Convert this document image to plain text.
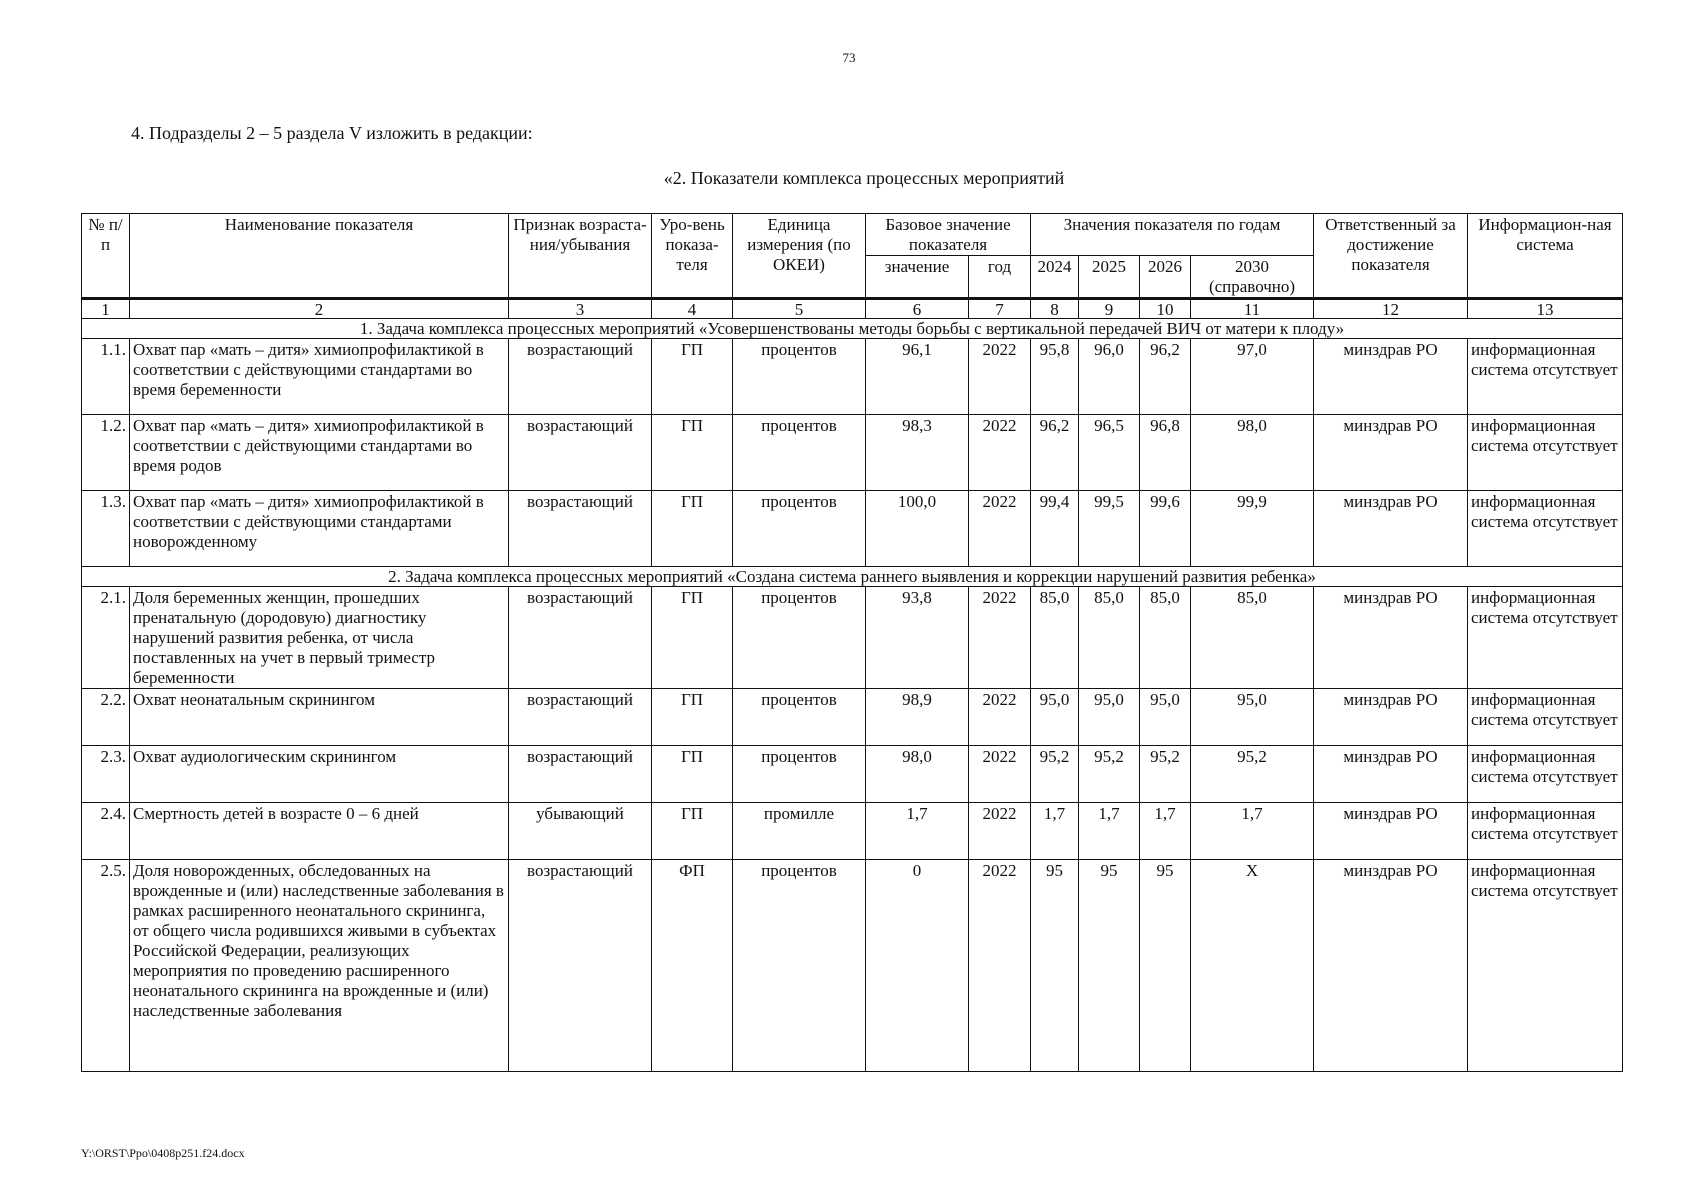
73
4. Подразделы 2 – 5 раздела V изложить в редакции:
«2. Показатели комплекса процессных мероприятий
№ п/п	Наименование показателя	Признак возраста-ния/убывания	Уро-вень показа-теля	Единица измерения (по ОКЕИ)	Базовое значение показателя		Значения показателя по годам				Ответственный за достижение показателя	Информацион-ная система

					значение	год	2024	2025	2026	2030 (справочно)		
1	2	3	4	5	6	7	8	9	10	11	12	13
1. Задача комплекса процессных мероприятий «Усовершенствованы методы борьбы с вертикальной передачей ВИЧ от матери к плоду»												
1.1.	Охват пар «мать – дитя» химиопрофилактикой в соответствии с действующими стандартами во время беременности	возрастающий	ГП	процентов	96,1	2022	95,8	96,0	96,2	97,0	минздрав РО	информационная система отсутствует
1.2.	Охват пар «мать – дитя» химиопрофилактикой в соответствии с действующими стандартами во время родов	возрастающий	ГП	процентов	98,3	2022	96,2	96,5	96,8	98,0	минздрав РО	информационная система отсутствует
1.3.	Охват пар «мать – дитя» химиопрофилактикой в соответствии с действующими стандартами новорожденному	возрастающий	ГП	процентов	100,0	2022	99,4	99,5	99,6	99,9	минздрав РО	информационная система отсутствует
2. Задача комплекса процессных мероприятий «Создана система раннего выявления и коррекции нарушений развития ребенка»												
2.1.	Доля беременных женщин, прошедших пренатальную (дородовую) диагностику нарушений развития ребенка, от числа поставленных на учет в первый триместр беременности	возрастающий	ГП	процентов	93,8	2022	85,0	85,0	85,0	85,0	минздрав РО	информационная система отсутствует
2.2.	Охват неонатальным скринингом	возрастающий	ГП	процентов	98,9	2022	95,0	95,0	95,0	95,0	минздрав РО	информационная система отсутствует
2.3.	Охват аудиологическим скринингом	возрастающий	ГП	процентов	98,0	2022	95,2	95,2	95,2	95,2	минздрав РО	информационная система отсутствует
2.4.	Смертность детей в возрасте 0 – 6 дней	убывающий	ГП	промилле	1,7	2022	1,7	1,7	1,7	1,7	минздрав РО	информационная система отсутствует
2.5.	Доля новорожденных, обследованных на врожденные и (или) наследственные заболевания в рамках расширенного неонатального скрининга, от общего числа родившихся живыми в субъектах Российской Федерации, реализующих мероприятия по проведению расширенного неонатального скрининга на врожденные и (или) наследственные заболевания	возрастающий	ФП	процентов	0	2022	95	95	95	Х	минздрав РО	информационная система отсутствует
Y:\ORST\Ppo\0408p251.f24.docx
